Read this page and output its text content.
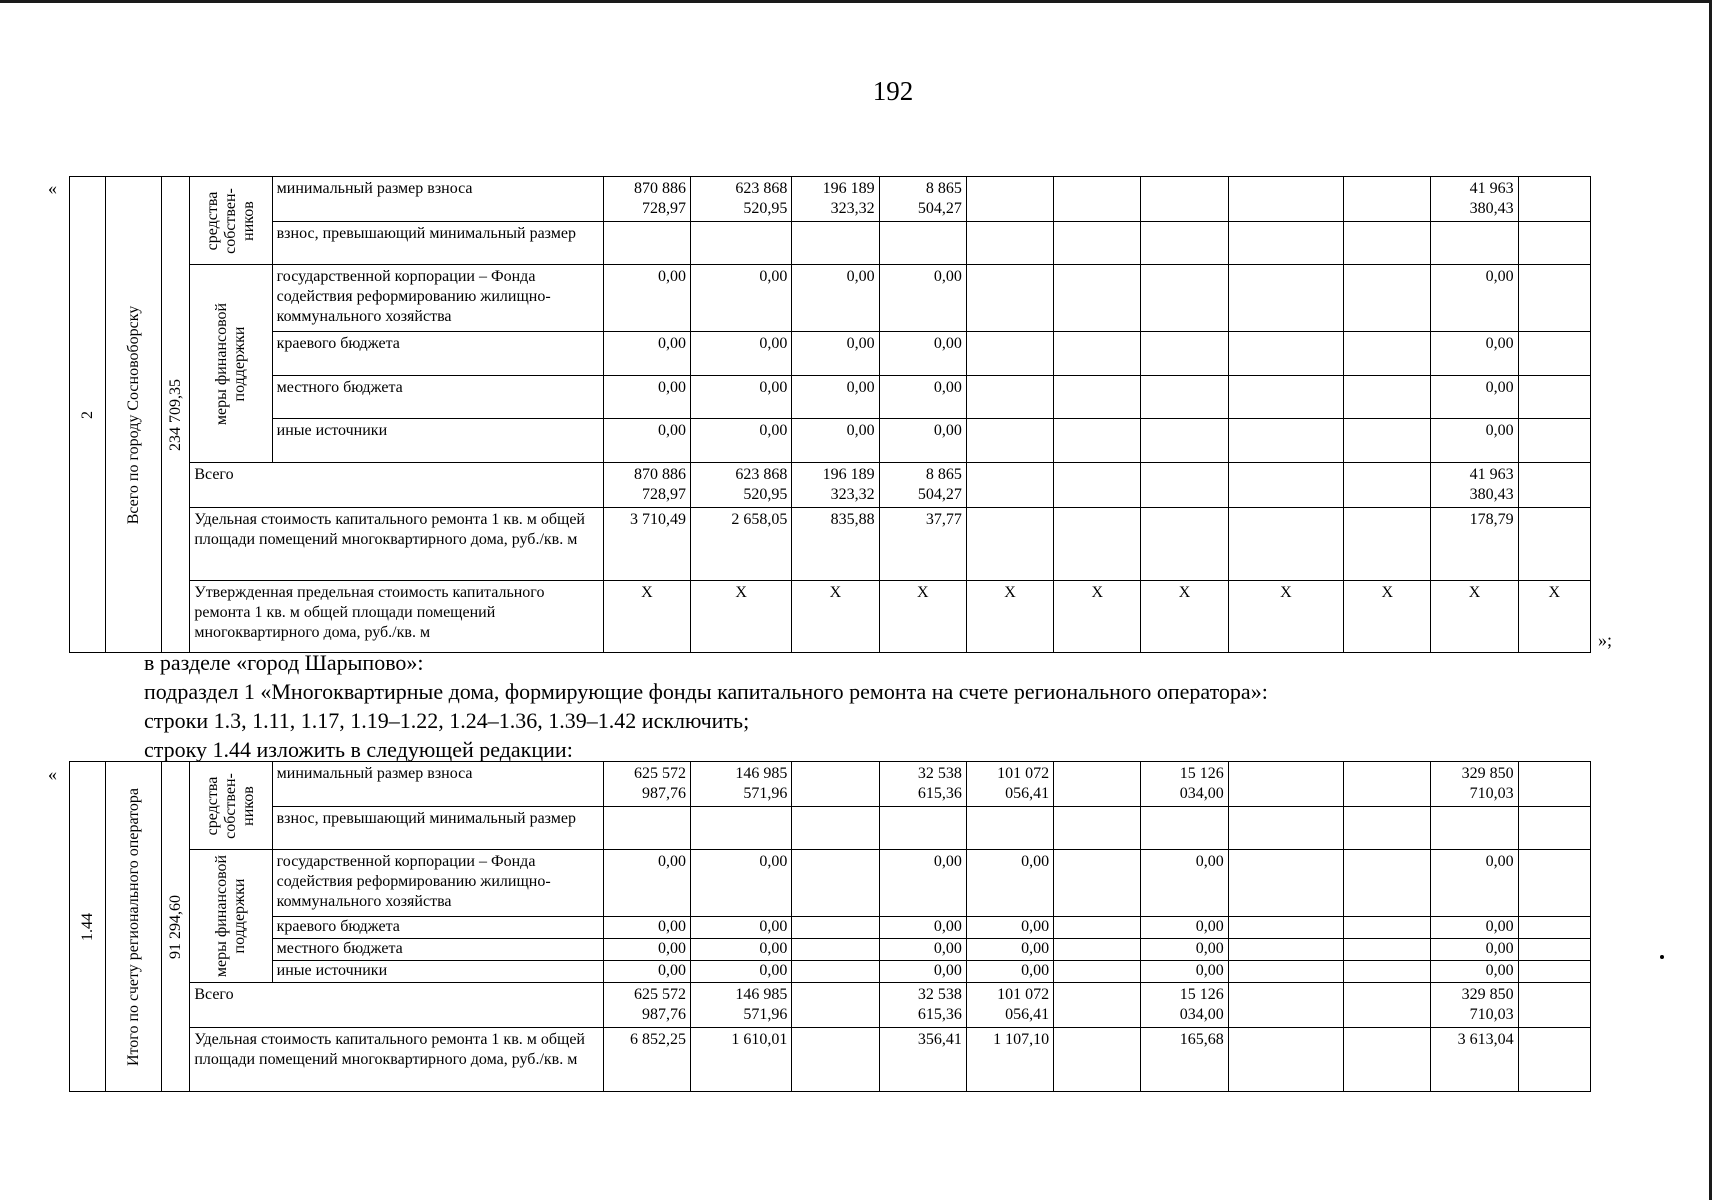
192
«
2	Всего по городу Сосновоборску	234 709,35	средства собствен-ников	минимальный размер взноса	870 886 728,97	623 868 520,95	196 189 323,32	8 865 504,27						41 963 380,43	
				взнос, превышающий минимальный размер											

			меры финансовой поддержки	государственной корпорации – Фонда содействия реформированию жилищно-коммунального хозяйства	0,00	0,00	0,00	0,00						0,00	
				краевого бюджета	0,00	0,00	0,00	0,00						0,00	
				местного бюджета	0,00	0,00	0,00	0,00						0,00	
				иные источники	0,00	0,00	0,00	0,00						0,00	
			Всего		870 886 728,97	623 868 520,95	196 189 323,32	8 865 504,27						41 963 380,43	
			Удельная стоимость капитального ремонта 1 кв. м общей площади помещений многоквартирного дома, руб./кв. м		3 710,49	2 658,05	835,88	37,77						178,79	
			Утвержденная предельная стоимость капитального ремонта 1 кв. м общей площади помещений многоквартирного дома, руб./кв. м		X	X	X	X	X	X	X	X	X	X	X
»;
в разделе «город Шарыпово»:
подраздел 1 «Многоквартирные дома, формирующие фонды капитального ремонта на счете регионального оператора»:
строки 1.3, 1.11, 1.17, 1.19–1.22, 1.24–1.36, 1.39–1.42 исключить;
строку 1.44 изложить в следующей редакции:
«
1.44	Итого по счету регионального оператора	91 294,60	средства собствен-ников	минимальный размер взноса	625 572 987,76	146 985 571,96		32 538 615,36	101 072 056,41		15 126 034,00			329 850 710,03	
				взнос, превышающий минимальный размер											

			меры финансовой поддержки	государственной корпорации – Фонда содействия реформированию жилищно-коммунального хозяйства	0,00	0,00		0,00	0,00		0,00			0,00	
				краевого бюджета	0,00	0,00		0,00	0,00		0,00			0,00	
				местного бюджета	0,00	0,00		0,00	0,00		0,00			0,00	
				иные источники	0,00	0,00		0,00	0,00		0,00			0,00	
			Всего		625 572 987,76	146 985 571,96		32 538 615,36	101 072 056,41		15 126 034,00			329 850 710,03	
			Удельная стоимость капитального ремонта 1 кв. м общей площади помещений многоквартирного дома, руб./кв. м		6 852,25	1 610,01		356,41	1 107,10		165,68			3 613,04	
